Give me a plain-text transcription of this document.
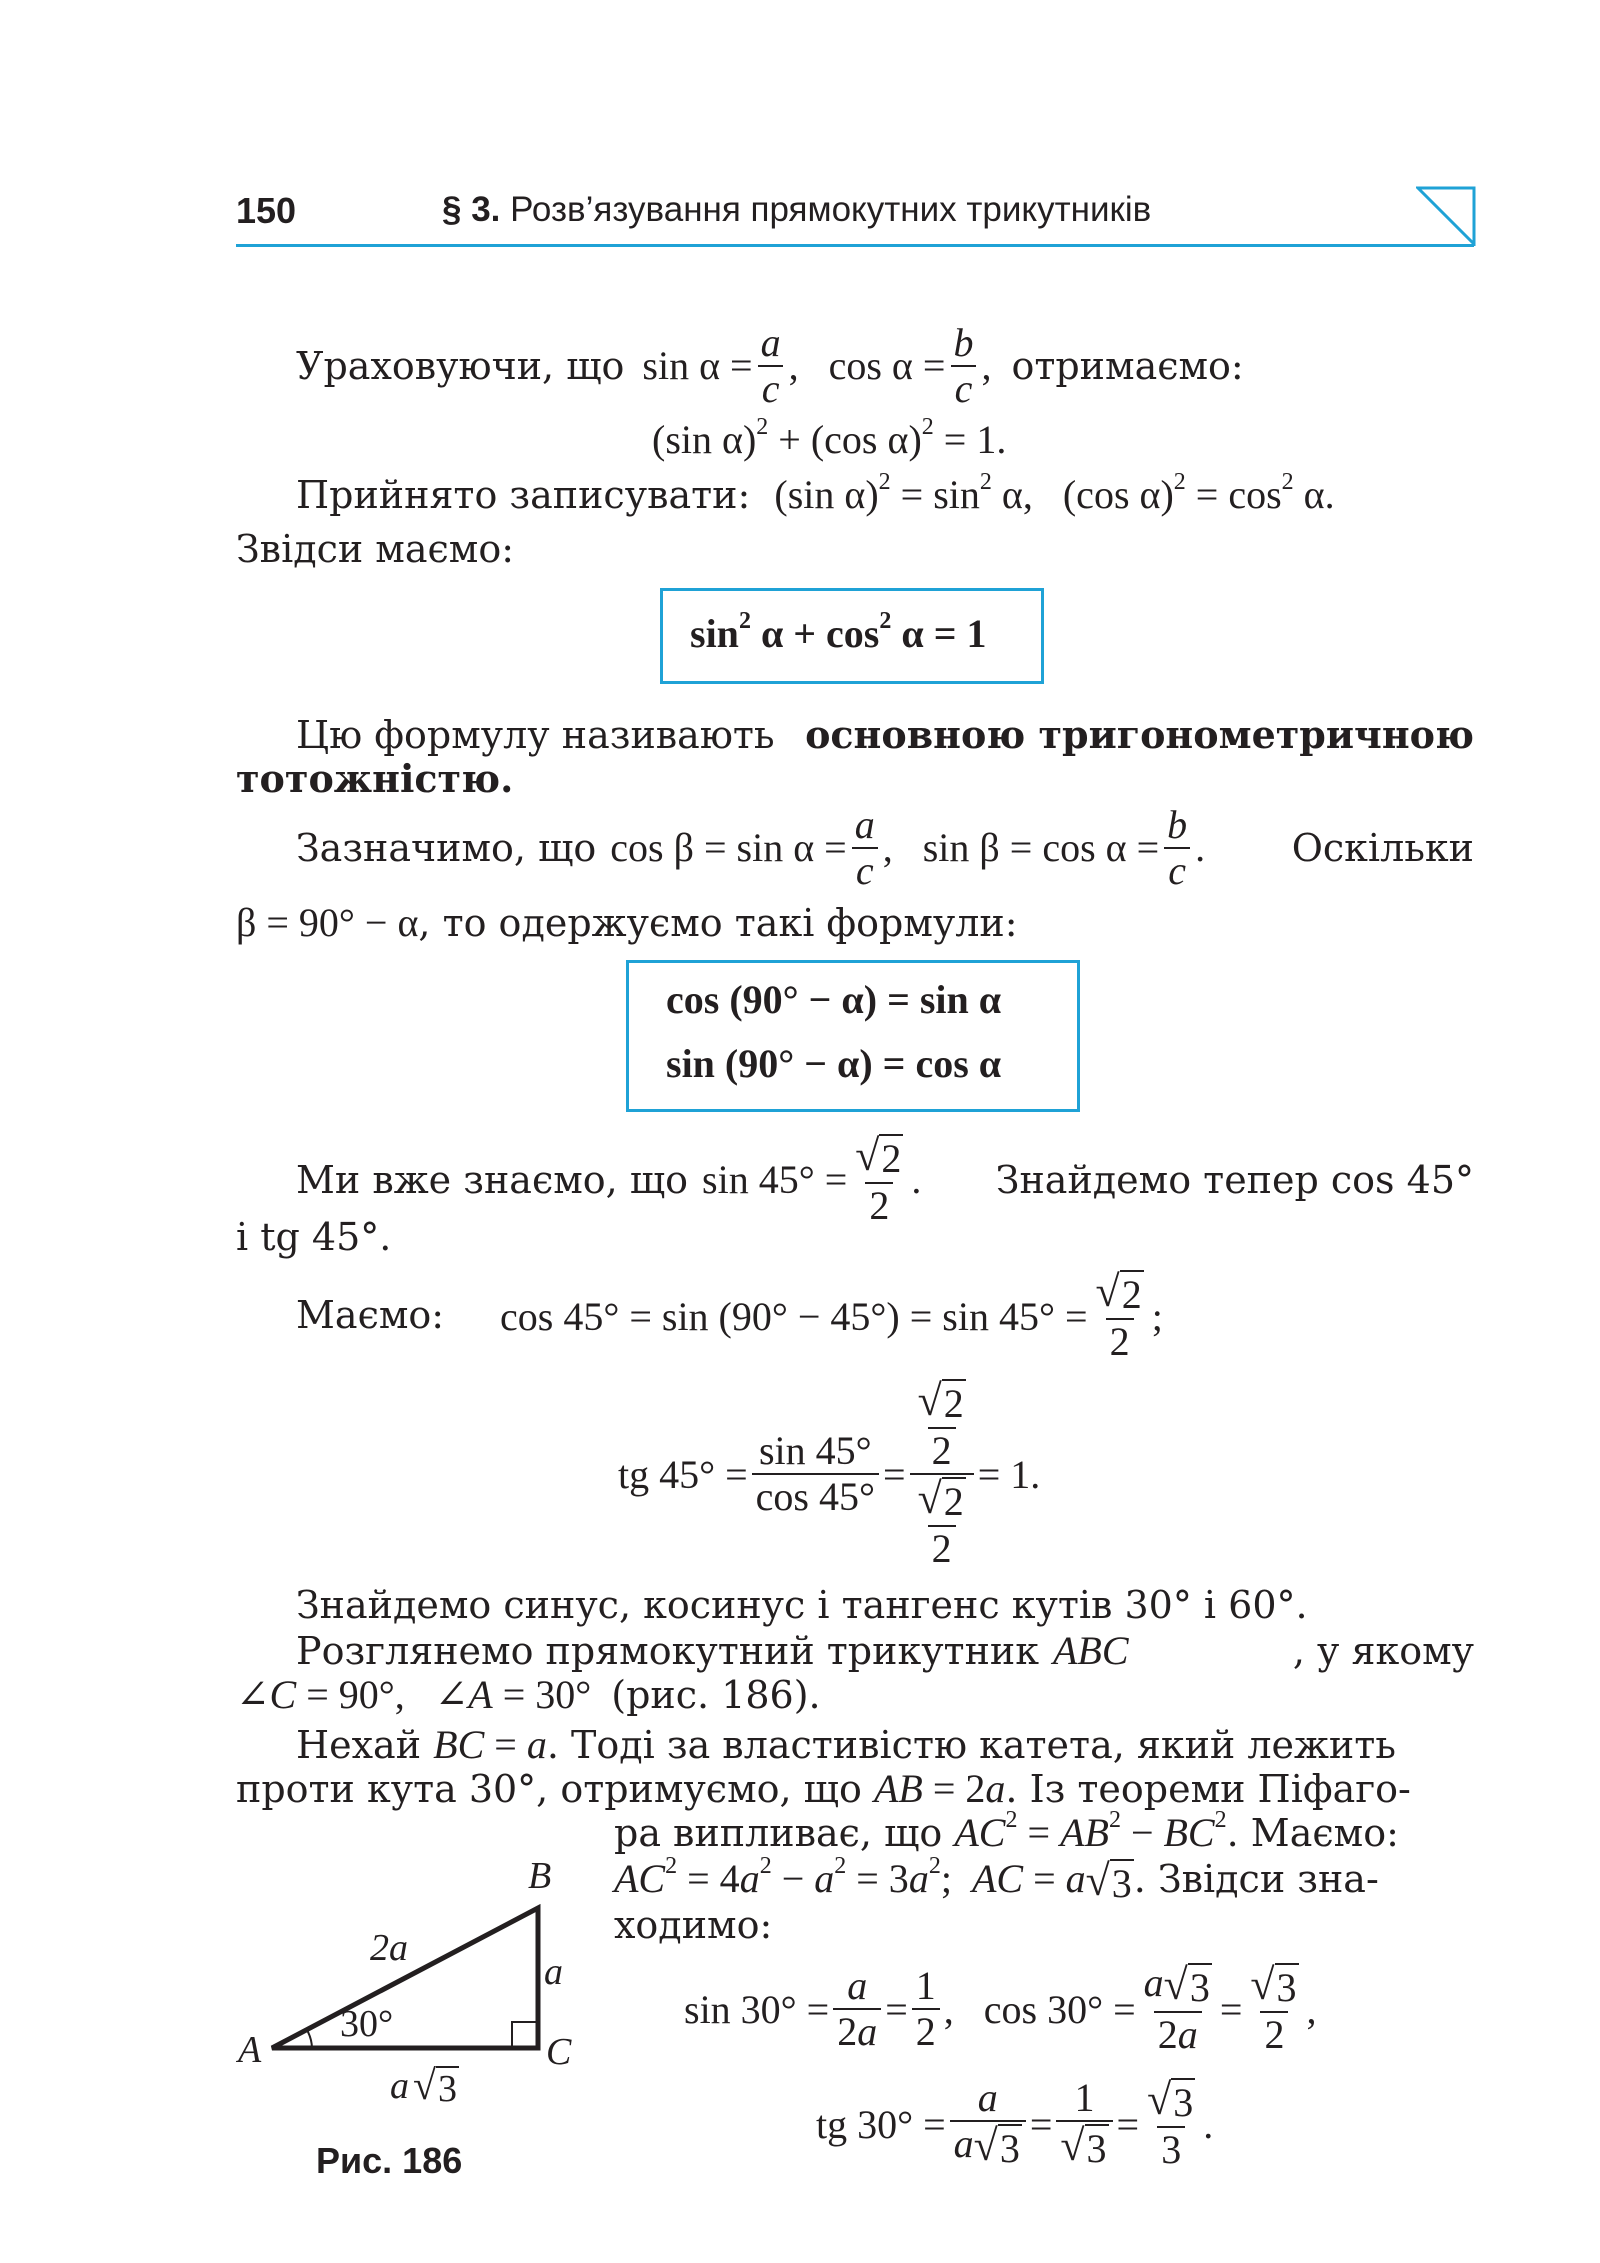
150	§ 3. Розв’язування прямокутних трикутників
Ураховуючи, що $\sin \alpha = \frac{a}{c}$ ,   $\cos \alpha = \frac{b}{c}$ , отримаємо:
(sin α)$^2$ + (cos α)$^2$ = 1.
Прийнято записувати: (sin $\alpha)^2 = \sin^2 \alpha$,   (cos $\alpha)^2 = \cos^2 \alpha$.
Звідси маємо:
$\sin^2 \alpha + \cos^2 \alpha = 1$
Цю формулу називають основною тригонометричною
тотожністю.
Зазначимо, що $\cos \beta = \sin \alpha = \frac{a}{c}$ ,   $\sin \beta = \cos \alpha = \frac{b}{c}$ . Оскільки
β = 90° − α, то одержуємо такі формули:
cos (90° − α) = sin α
sin (90° − α) = cos α
Ми вже знаємо, що $\sin 45^\circ = \frac{√ 2}{2}$ . Знайдемо тепер cos 45°
і tg 45°.
Маємо: $\cos 45^\circ = \sin (90^\circ - 45^\circ) = \sin 45^\circ = \frac{√ 2}{2}$ ;
tg $45^\circ = \frac{\sin 45^\circ}{\cos 45^\circ} = \frac{\frac{√ 2}{2}}{\frac{√ 2}{2}} = 1$.
Знайдемо синус, косинус і тангенс кутів 30° і 60°.
Розглянемо прямокутний трикутник ABC	, у якому
∠C = 90°,   ∠A = 30°  (рис. 186).
Нехай BC = a. Тоді за властивістю катета, який лежить
проти кута 30°, отримуємо, що AB = 2a. Із теореми Піфаго-
ра випливає, що $AC^2 = AB^2 - BC^2$. Маємо:
$AC^2 = 4a^2 - a^2 = 3a^2$;  AC = a √ 3 . Звідси зна-
ходимо:
$\sin 30^\circ = \frac{a}{2a} = \frac{1}{2}$ ,   $\cos 30^\circ = \frac{a √ 3}{2a} = \frac{√ 3}{2}$ ,
tg $30^\circ = \frac{a}{a √ 3} = \frac{1}{√ 3} = \frac{√ 3}{3}$ .
A
B
C
2a
a
30°
a √ 3
Рис. 186
